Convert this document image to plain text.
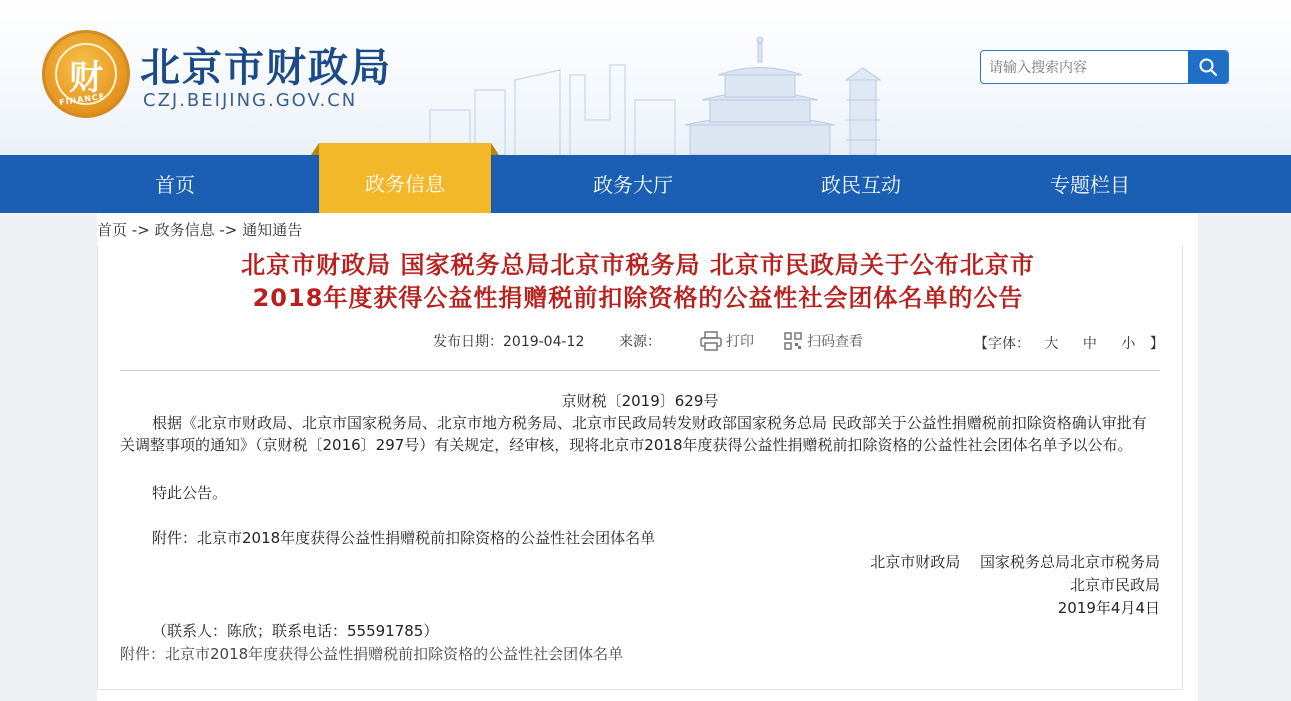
财
FINANCE
北京市财政局
CZJ.BEIJING.GOV.CN
请输入搜索内容
首页	政务信息	政务大厅	政民互动	专题栏目
首页 -> 政务信息 -> 通知通告
北京市财政局 国家税务总局北京市税务局 北京市民政局关于公布北京市
2018年度获得公益性捐赠税前扣除资格的公益性社会团体名单的公告
发布日期：2019-04-12 来源：	打印	扫码查看	【字体： 大 中 小 】
京财税〔2019〕629号
根据《北京市财政局、北京市国家税务局、北京市地方税务局、北京市民政局转发财政部国家税务总局 民政部关于公益性捐赠税前扣除资格确认审批有关调整事项的通知》（京财税〔2016〕297号）有关规定，经审核，现将北京市2018年度获得公益性捐赠税前扣除资格的公益性社会团体名单予以公布。
特此公告。
附件：北京市2018年度获得公益性捐赠税前扣除资格的公益性社会团体名单
北京市财政局　 国家税务总局北京市税务局
北京市民政局
2019年4月4日
（联系人：陈欣；联系电话：55591785）
附件：北京市2018年度获得公益性捐赠税前扣除资格的公益性社会团体名单
